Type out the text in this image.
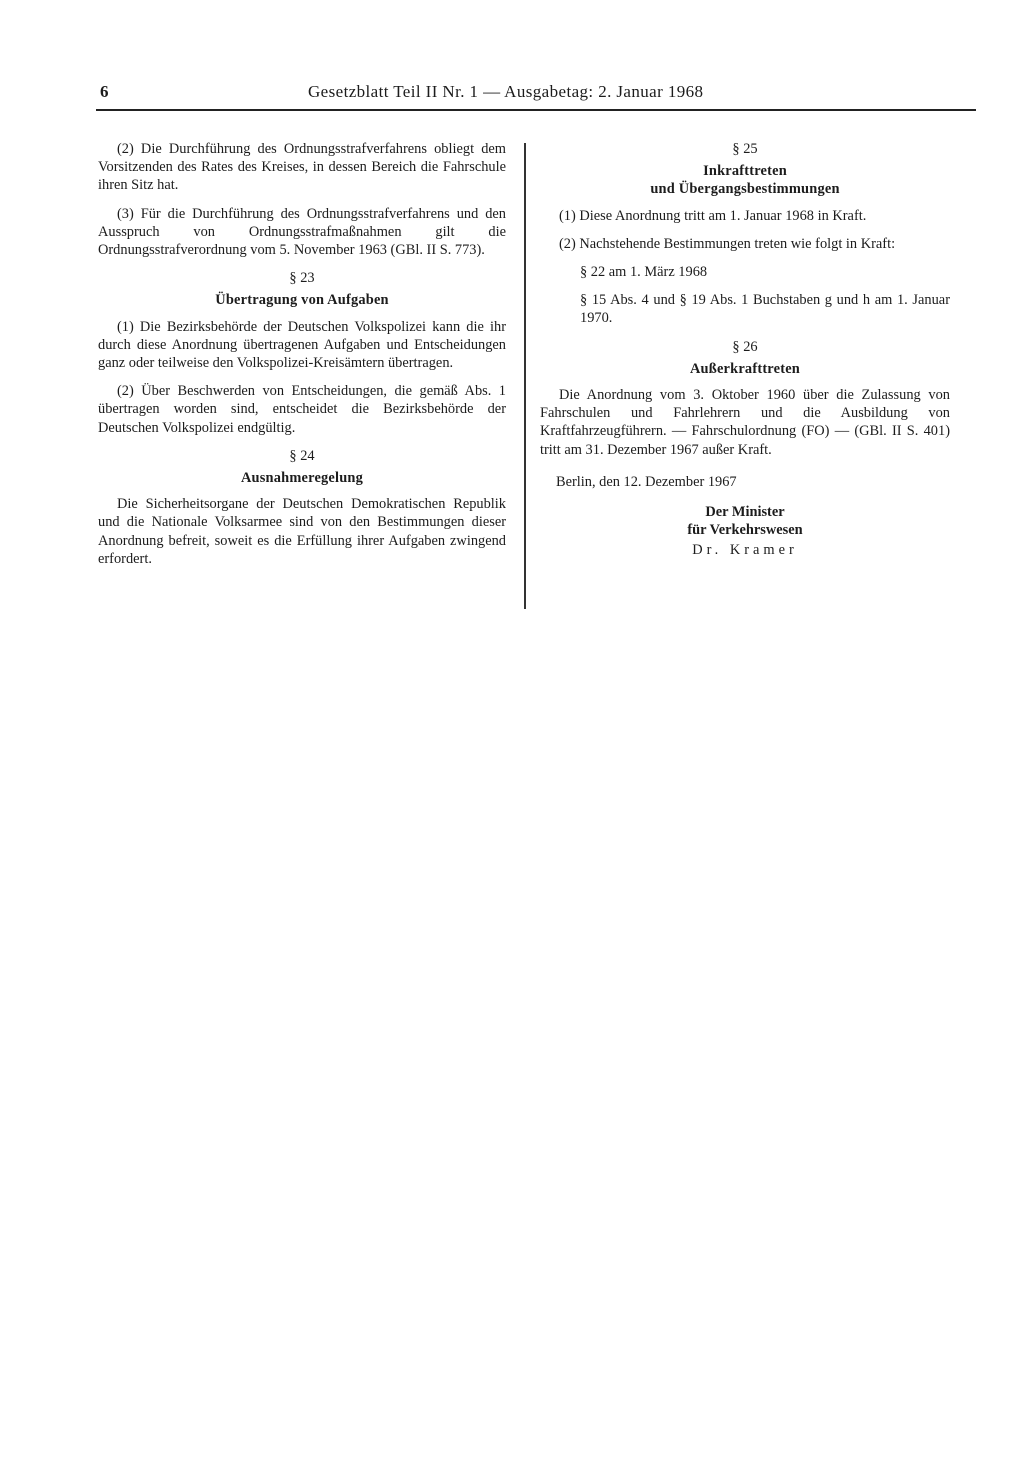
6	Gesetzblatt Teil II Nr. 1 — Ausgabetag: 2. Januar 1968

(2) Die Durchführung des Ordnungsstrafverfahrens obliegt dem Vorsitzenden des Rates des Kreises, in dessen Bereich die Fahrschule ihren Sitz hat.

(3) Für die Durchführung des Ordnungsstrafverfahrens und den Ausspruch von Ordnungsstrafmaßnahmen gilt die Ordnungsstrafverordnung vom 5. November 1963 (GBl. II S. 773).

§ 23
Übertragung von Aufgaben

(1) Die Bezirksbehörde der Deutschen Volkspolizei kann die ihr durch diese Anordnung übertragenen Aufgaben und Entscheidungen ganz oder teilweise den Volkspolizei-Kreisämtern übertragen.

(2) Über Beschwerden von Entscheidungen, die gemäß Abs. 1 übertragen worden sind, entscheidet die Bezirksbehörde der Deutschen Volkspolizei endgültig.

§ 24
Ausnahmeregelung

Die Sicherheitsorgane der Deutschen Demokratischen Republik und die Nationale Volksarmee sind von den Bestimmungen dieser Anordnung befreit, soweit es die Erfüllung ihrer Aufgaben zwingend erfordert.

§ 25
Inkrafttreten
und Übergangsbestimmungen

(1) Diese Anordnung tritt am 1. Januar 1968 in Kraft.

(2) Nachstehende Bestimmungen treten wie folgt in Kraft:

§ 22 am 1. März 1968

§ 15 Abs. 4 und § 19 Abs. 1 Buchstaben g und h am 1. Januar 1970.

§ 26
Außerkrafttreten

Die Anordnung vom 3. Oktober 1960 über die Zulassung von Fahrschulen und Fahrlehrern und die Ausbildung von Kraftfahrzeugführern. — Fahrschulordnung (FO) — (GBl. II S. 401) tritt am 31. Dezember 1967 außer Kraft.

Berlin, den 12. Dezember 1967
Der Minister
für Verkehrswesen
Dr. Kramer
